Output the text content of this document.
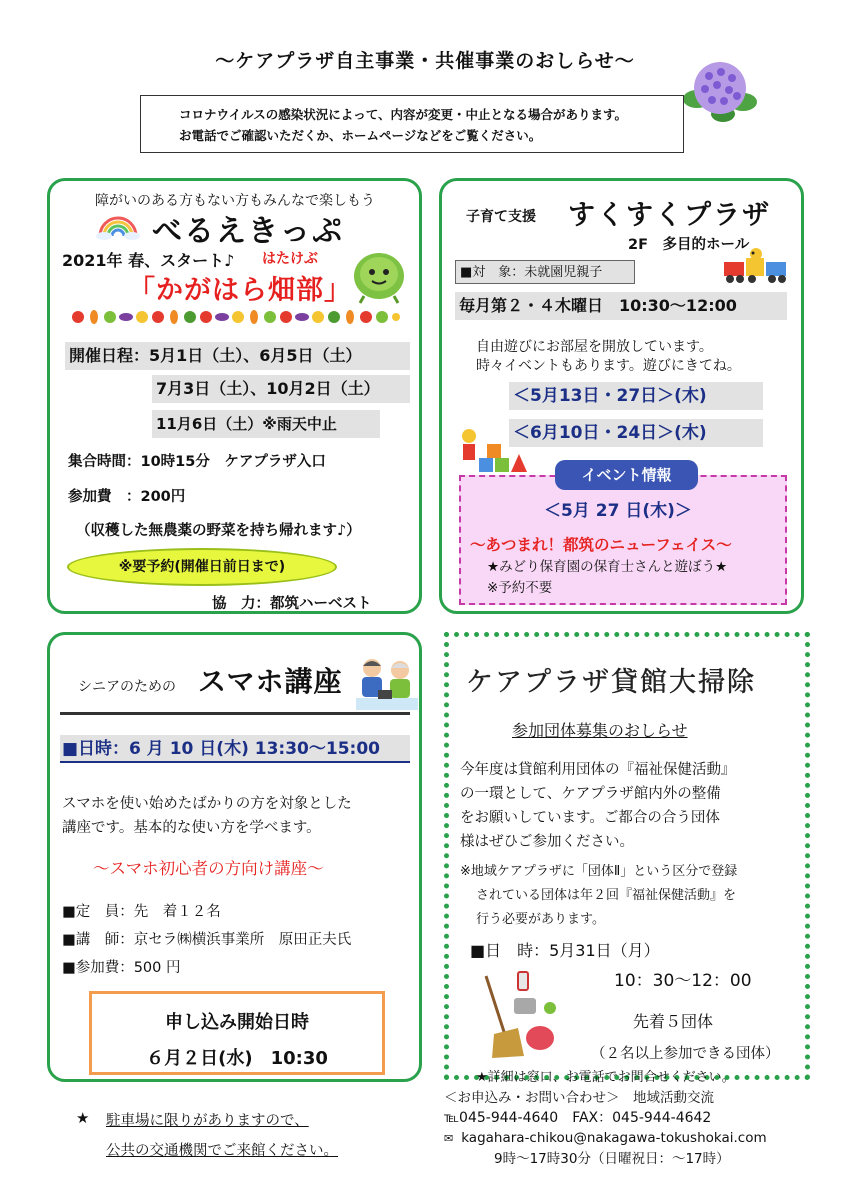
～ケアプラザ自主事業・共催事業のおしらせ～
コロナウイルスの感染状況によって、内容が変更・中止となる場合があります。
お電話でご確認いただくか、ホームページなどをご覧ください。
障がいのある方もない方もみんなで楽しもう
べるえきっぷ
2021年 春、スタート♪ はたけぶ
「かがはら畑部」
開催日程：5月1日（土）、6月5日（土）
7月3日（土）、10月2日（土）
11月6日（土）※雨天中止
集合時間：10時15分　ケアプラザ入口
参加費　：200円
（収穫した無農薬の野菜を持ち帰れます♪）
※要予約(開催日前日まで)
協　力：都筑ハーベスト
子育て支援 すくすくプラザ
2F　多目的ホール
■対　象：未就園児親子
毎月第２・４木曜日　10:30～12:00
自由遊びにお部屋を開放しています。
時々イベントもあります。遊びにきてね。
＜5月13日・27日＞(木)
＜6月10日・24日＞(木)
イベント情報
＜5月 27 日(木)＞
～あつまれ！都筑のニューフェイス～
★みどり保育園の保育士さんと遊ぼう★
※予約不要
シニアのための スマホ講座
■日時：6 月 10 日(木) 13:30～15:00
スマホを使い始めたばかりの方を対象とした
講座です。基本的な使い方を学べます。
～スマホ初心者の方向け講座～
■定　員：先　着１２名
■講　師：京セラ㈱横浜事業所　原田正夫氏
■参加費：500 円
申し込み開始日時
６月２日(水)　10:30
ケアプラザ貸館大掃除
参加団体募集のおしらせ
今年度は貸館利用団体の『福祉保健活動』
の一環として、ケアプラザ館内外の整備
をお願いしています。ご都合の合う団体
様はぜひご参加ください。
※地域ケアプラザに「団体Ⅱ」という区分で登録
されている団体は年２回『福祉保健活動』を
行う必要があります。
■日　時：5月31日（月）
10：30～12：00
先着５団体
（２名以上参加できる団体）
★詳細は窓口、お電話でお問合せください。
★ 駐車場に限りがありますので、
公共の交通機関でご来館ください。
＜お申込み・お問い合わせ＞　地域活動交流
℡045-944-4640　FAX：045-944-4642
✉ kagahara-chikou@nakagawa-tokushokai.com
9時～17時30分（日曜祝日：～17時）
